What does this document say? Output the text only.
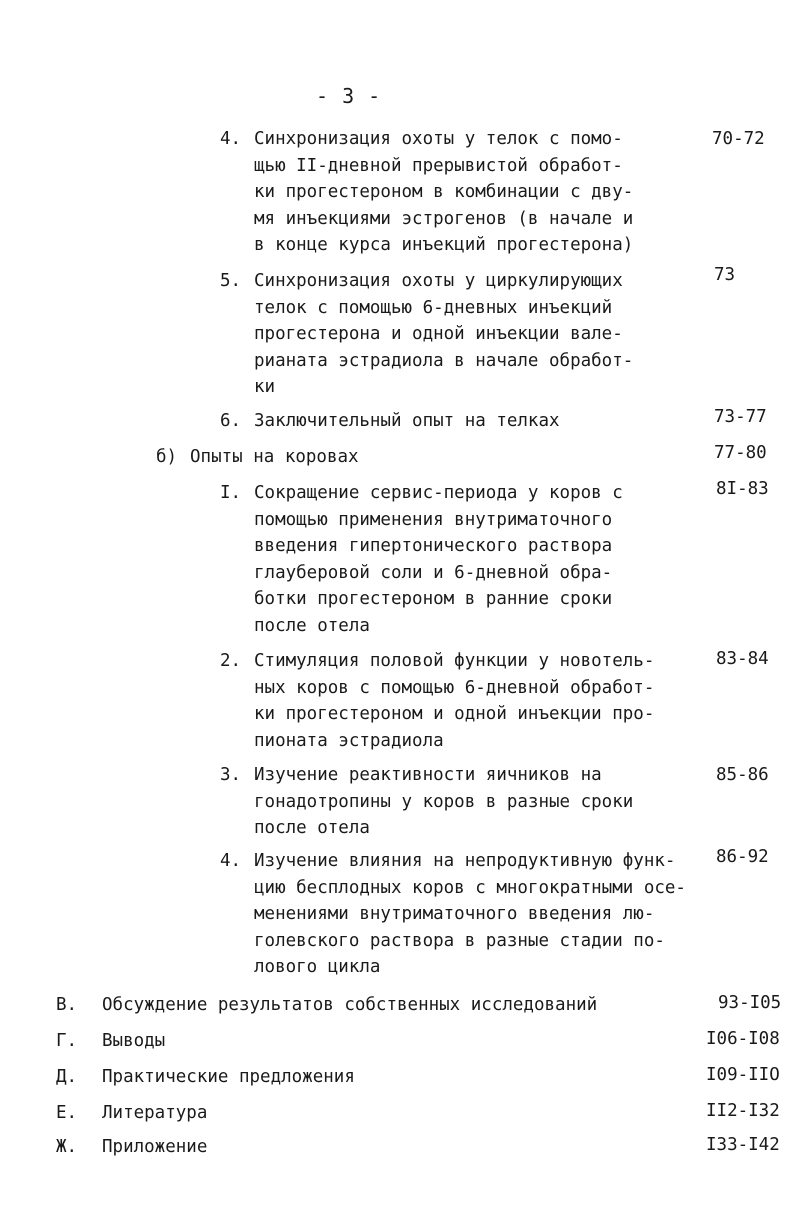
- 3 -
4. Синхронизация охоты у телок с помо-
щью II-дневной прерывистой обработ-
ки прогестероном в комбинации с дву-
мя инъекциями эстрогенов (в начале и
в конце курса инъекций прогестерона)
70-72
5. Синхронизация охоты у циркулирующих
телок с помощью 6-дневных инъекций
прогестерона и одной инъекции вале-
рианата эстрадиола в начале обработ-
ки
73
6. Заключительный опыт на телках	73-77
б) Опыты на коровах	77-80
I. Сокращение сервис-периода у коров с
помощью применения внутриматочного
введения гипертонического раствора
глауберовой соли и 6-дневной обра-
ботки прогестероном в ранние сроки
после отела
8I-83
2. Стимуляция половой функции у новотель-
ных коров с помощью 6-дневной обработ-
ки прогестероном и одной инъекции про-
пионата эстрадиола
83-84
3. Изучение реактивности яичников на
гонадотропины у коров в разные сроки
после отела
85-86
4. Изучение влияния на непродуктивную функ-
цию бесплодных коров с многократными осе-
менениями внутриматочного введения лю-
голевского раствора в разные стадии по-
лового цикла
86-92
В. Обсуждение результатов собственных исследований	93-I05
Г. Выводы	I06-I08
Д. Практические предложения	I09-IIO
Е. Литература	II2-I32
Ж. Приложение	I33-I42
